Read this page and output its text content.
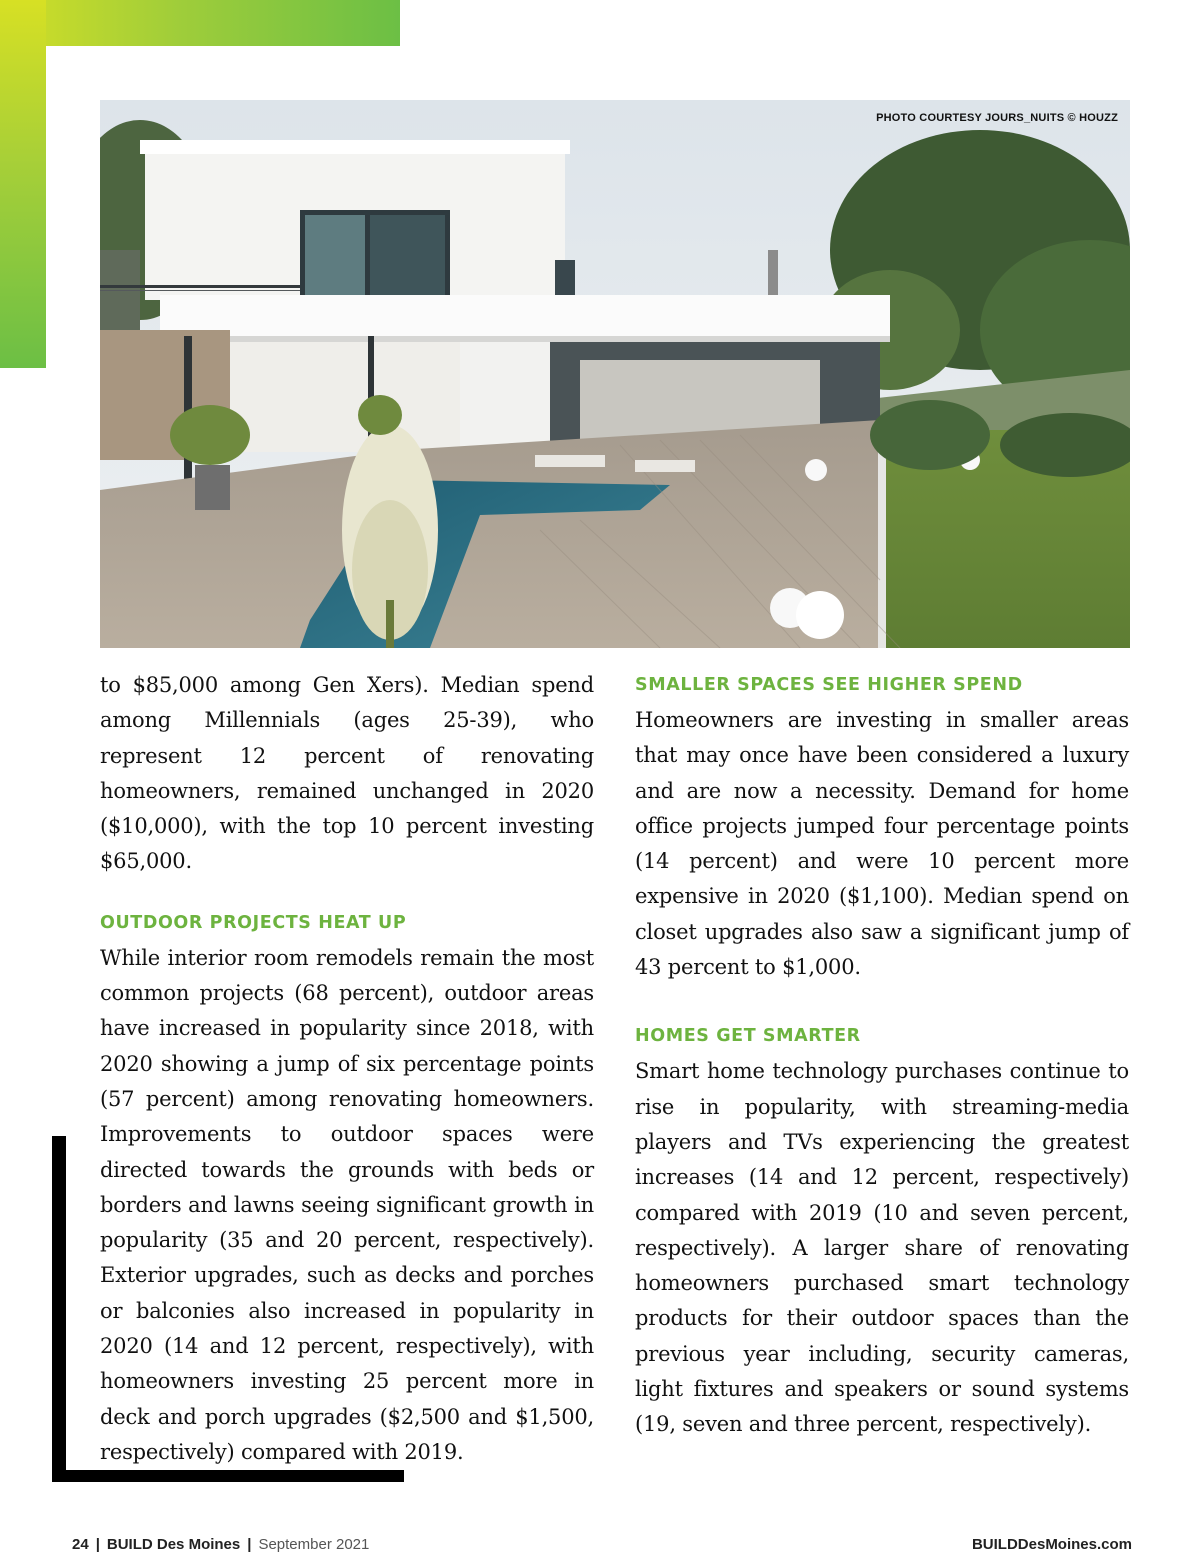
PHOTO COURTESY JOURS_NUITS © HOUZZ

to $85,000 among Gen Xers). Median spend among Millennials (ages 25-39), who represent 12 percent of renovating homeowners, remained unchanged in 2020 ($10,000), with the top 10 percent investing $65,000.

OUTDOOR PROJECTS HEAT UP

While interior room remodels remain the most common projects (68 percent), outdoor areas have increased in popularity since 2018, with 2020 showing a jump of six percentage points (57 percent) among renovating homeowners. Improvements to outdoor spaces were directed towards the grounds with beds or borders and lawns seeing significant growth in popularity (35 and 20 percent, respectively). Exterior upgrades, such as decks and porches or balconies also increased in popularity in 2020 (14 and 12 percent, respectively), with homeowners investing 25 percent more in deck and porch upgrades ($2,500 and $1,500, respectively) compared with 2019.

SMALLER SPACES SEE HIGHER SPEND

Homeowners are investing in smaller areas that may once have been considered a luxury and are now a necessity. Demand for home office projects jumped four percentage points (14 percent) and were 10 percent more expensive in 2020 ($1,100). Median spend on closet upgrades also saw a significant jump of 43 percent to $1,000.

HOMES GET SMARTER

Smart home technology purchases continue to rise in popularity, with streaming-media players and TVs experiencing the greatest increases (14 and 12 percent, respectively) compared with 2019 (10 and seven percent, respectively). A larger share of renovating homeowners purchased smart technology products for their outdoor spaces than the previous year including, security cameras, light fixtures and speakers or sound systems (19, seven and three percent, respectively).

24 | BUILD Des Moines | September 2021	BUILDDesMoines.com
